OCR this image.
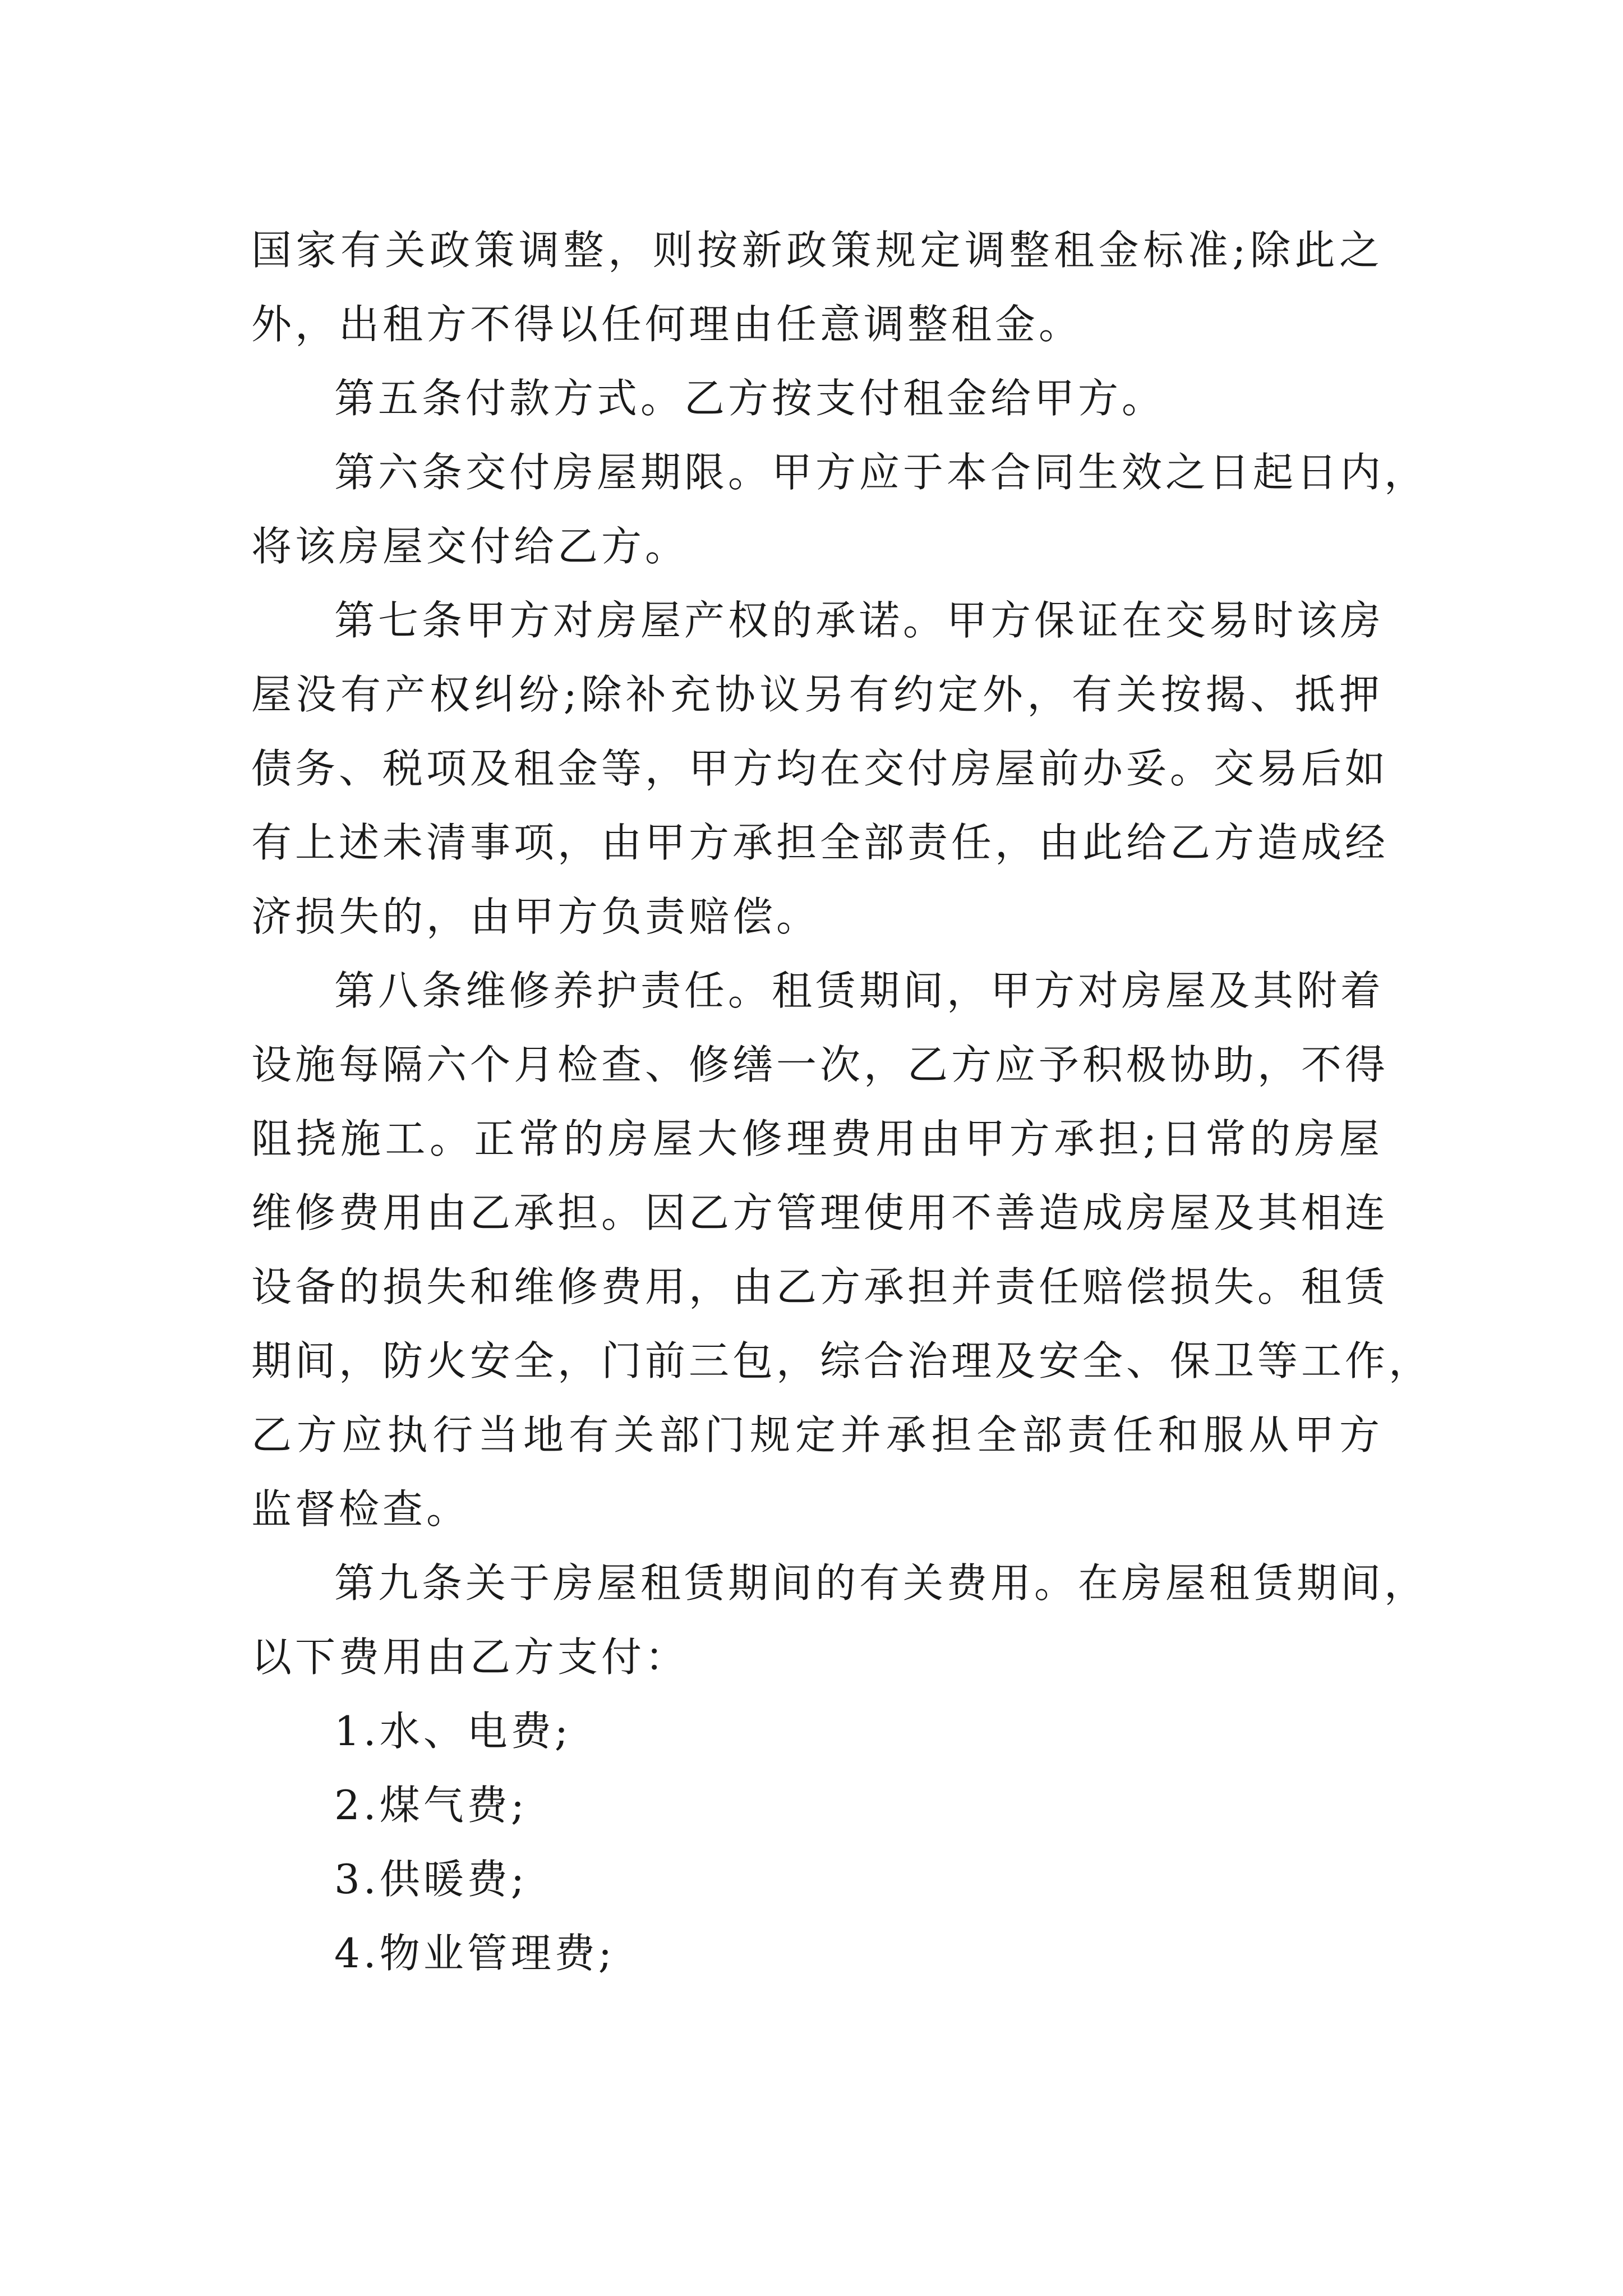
国家有关政策调整，则按新政策规定调整租金标准;除此之
外，出租方不得以任何理由任意调整租金。
第五条付款方式。乙方按支付租金给甲方。
第六条交付房屋期限。甲方应于本合同生效之日起日内，
将该房屋交付给乙方。
第七条甲方对房屋产权的承诺。甲方保证在交易时该房
屋没有产权纠纷;除补充协议另有约定外，有关按揭、抵押
债务、税项及租金等，甲方均在交付房屋前办妥。交易后如
有上述未清事项，由甲方承担全部责任，由此给乙方造成经
济损失的，由甲方负责赔偿。
第八条维修养护责任。租赁期间，甲方对房屋及其附着
设施每隔六个月检查、修缮一次，乙方应予积极协助，不得
阻挠施工。正常的房屋大修理费用由甲方承担;日常的房屋
维修费用由乙承担。因乙方管理使用不善造成房屋及其相连
设备的损失和维修费用，由乙方承担并责任赔偿损失。租赁
期间，防火安全，门前三包，综合治理及安全、保卫等工作，
乙方应执行当地有关部门规定并承担全部责任和服从甲方
监督检查。
第九条关于房屋租赁期间的有关费用。在房屋租赁期间，
以下费用由乙方支付：
1.水、电费;
2.煤气费;
3.供暖费;
4.物业管理费;
